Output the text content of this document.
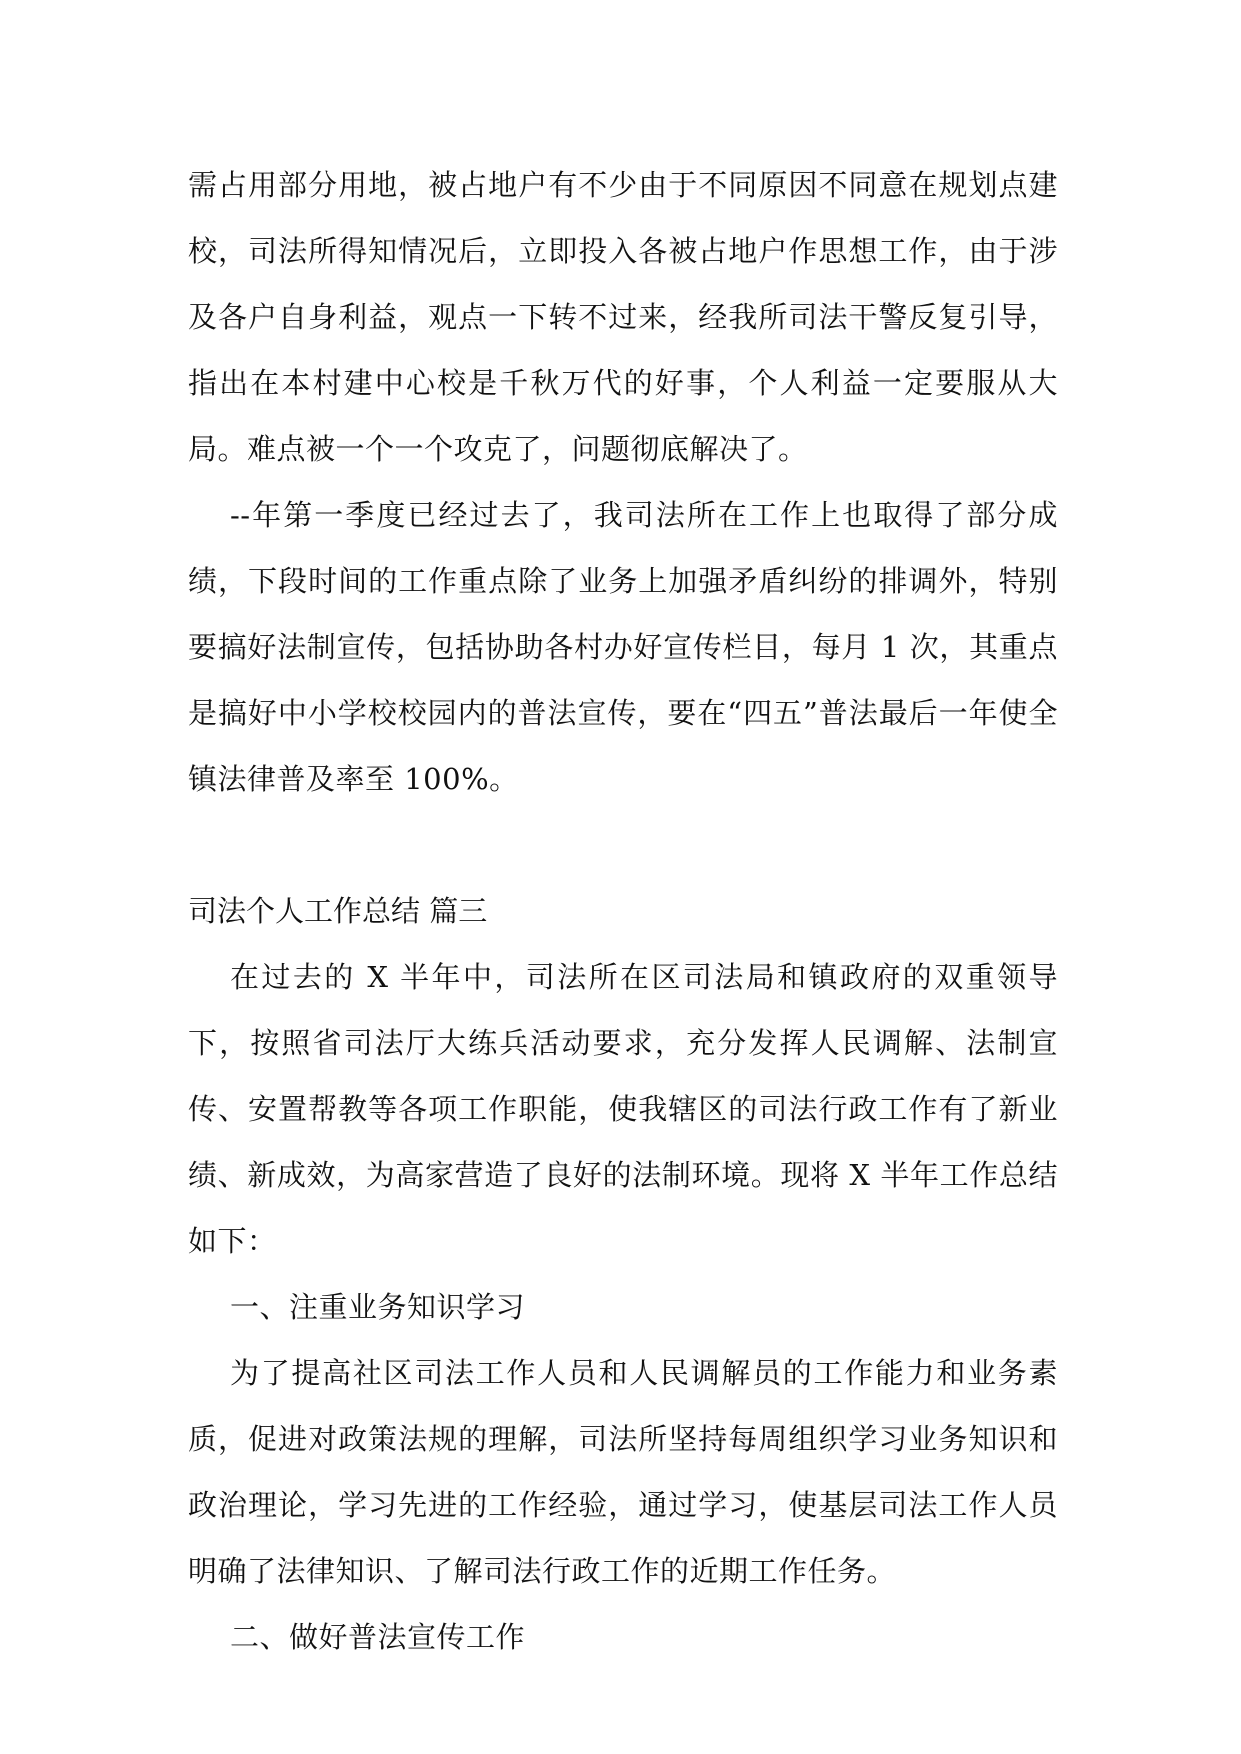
需占用部分用地，被占地户有不少由于不同原因不同意在规划点建校，司法所得知情况后，立即投入各被占地户作思想工作，由于涉及各户自身利益，观点一下转不过来，经我所司法干警反复引导，指出在本村建中心校是千秋万代的好事，个人利益一定要服从大局。难点被一个一个攻克了，问题彻底解决了。

--年第一季度已经过去了，我司法所在工作上也取得了部分成绩，下段时间的工作重点除了业务上加强矛盾纠纷的排调外，特别要搞好法制宣传，包括协助各村办好宣传栏目，每月 1 次，其重点是搞好中小学校校园内的普法宣传，要在“四五”普法最后一年使全镇法律普及率至 100%。

司法个人工作总结 篇三

在过去的 X 半年中，司法所在区司法局和镇政府的双重领导下，按照省司法厅大练兵活动要求，充分发挥人民调解、法制宣传、安置帮教等各项工作职能，使我辖区的司法行政工作有了新业绩、新成效，为高家营造了良好的法制环境。现将 X 半年工作总结如下：

一、注重业务知识学习

为了提高社区司法工作人员和人民调解员的工作能力和业务素质，促进对政策法规的理解，司法所坚持每周组织学习业务知识和政治理论，学习先进的工作经验，通过学习，使基层司法工作人员明确了法律知识、了解司法行政工作的近期工作任务。

二、做好普法宣传工作
